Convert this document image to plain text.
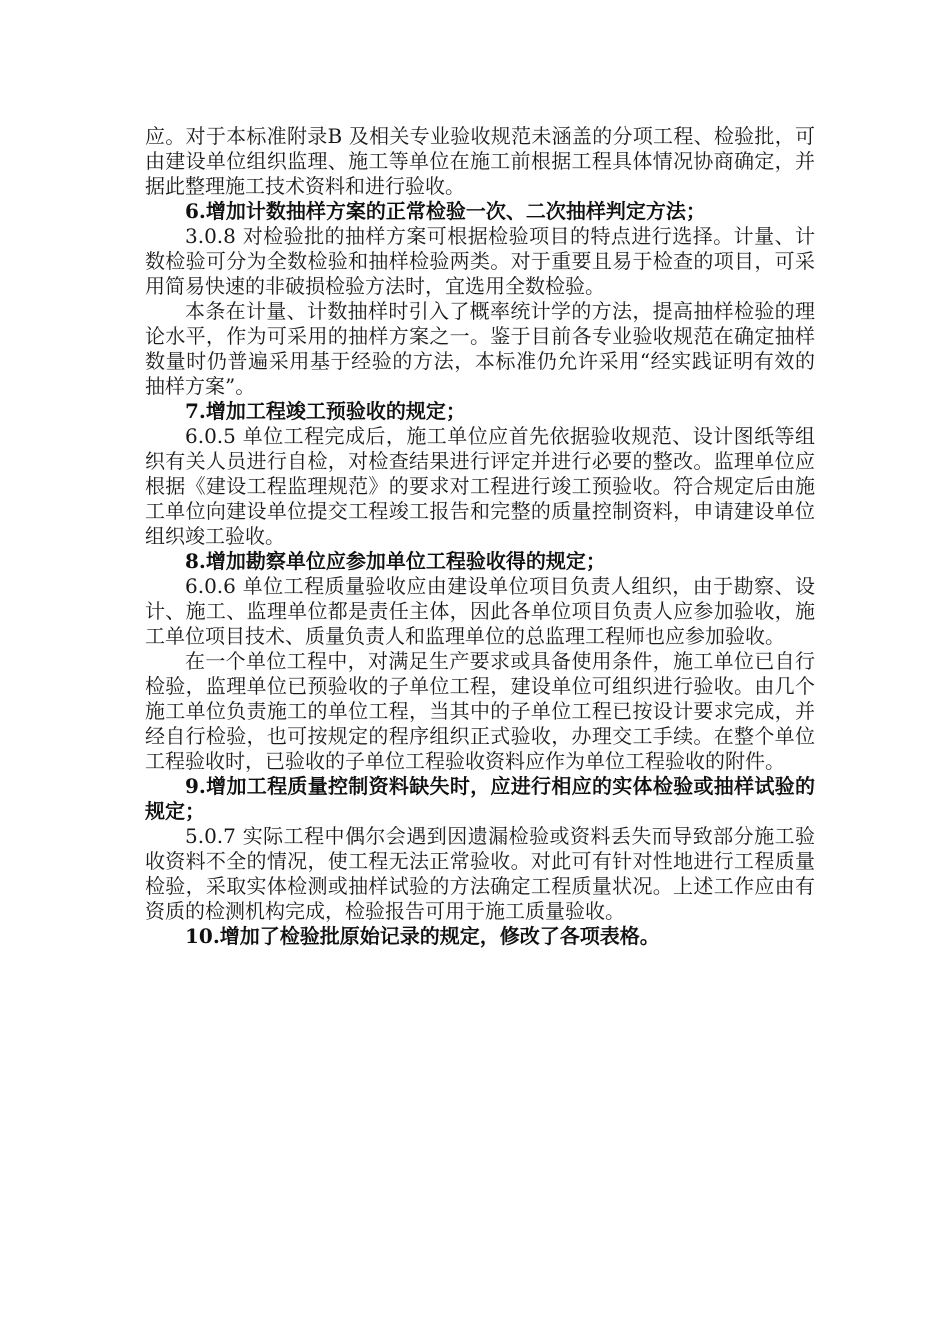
应。对于本标准附录B 及相关专业验收规范未涵盖的分项工程、检验批，可由建设单位组织监理、施工等单位在施工前根据工程具体情况协商确定，并据此整理施工技术资料和进行验收。

6.增加计数抽样方案的正常检验一次、二次抽样判定方法；

3.0.8 对检验批的抽样方案可根据检验项目的特点进行选择。计量、计数检验可分为全数检验和抽样检验两类。对于重要且易于检查的项目，可采用简易快速的非破损检验方法时，宜选用全数检验。

本条在计量、计数抽样时引入了概率统计学的方法，提高抽样检验的理论水平，作为可采用的抽样方案之一。鉴于目前各专业验收规范在确定抽样数量时仍普遍采用基于经验的方法，本标准仍允许采用“经实践证明有效的抽样方案”。

7.增加工程竣工预验收的规定；

6.0.5 单位工程完成后，施工单位应首先依据验收规范、设计图纸等组织有关人员进行自检，对检查结果进行评定并进行必要的整改。监理单位应根据《建设工程监理规范》的要求对工程进行竣工预验收。符合规定后由施工单位向建设单位提交工程竣工报告和完整的质量控制资料，申请建设单位组织竣工验收。

8.增加勘察单位应参加单位工程验收得的规定；

6.0.6 单位工程质量验收应由建设单位项目负责人组织，由于勘察、设计、施工、监理单位都是责任主体，因此各单位项目负责人应参加验收，施工单位项目技术、质量负责人和监理单位的总监理工程师也应参加验收。

在一个单位工程中，对满足生产要求或具备使用条件，施工单位已自行检验，监理单位已预验收的子单位工程，建设单位可组织进行验收。由几个施工单位负责施工的单位工程，当其中的子单位工程已按设计要求完成，并经自行检验，也可按规定的程序组织正式验收，办理交工手续。在整个单位工程验收时，已验收的子单位工程验收资料应作为单位工程验收的附件。

9.增加工程质量控制资料缺失时，应进行相应的实体检验或抽样试验的规定；

5.0.7 实际工程中偶尔会遇到因遗漏检验或资料丢失而导致部分施工验收资料不全的情况，使工程无法正常验收。对此可有针对性地进行工程质量检验，采取实体检测或抽样试验的方法确定工程质量状况。上述工作应由有资质的检测机构完成，检验报告可用于施工质量验收。

10.增加了检验批原始记录的规定，修改了各项表格。
